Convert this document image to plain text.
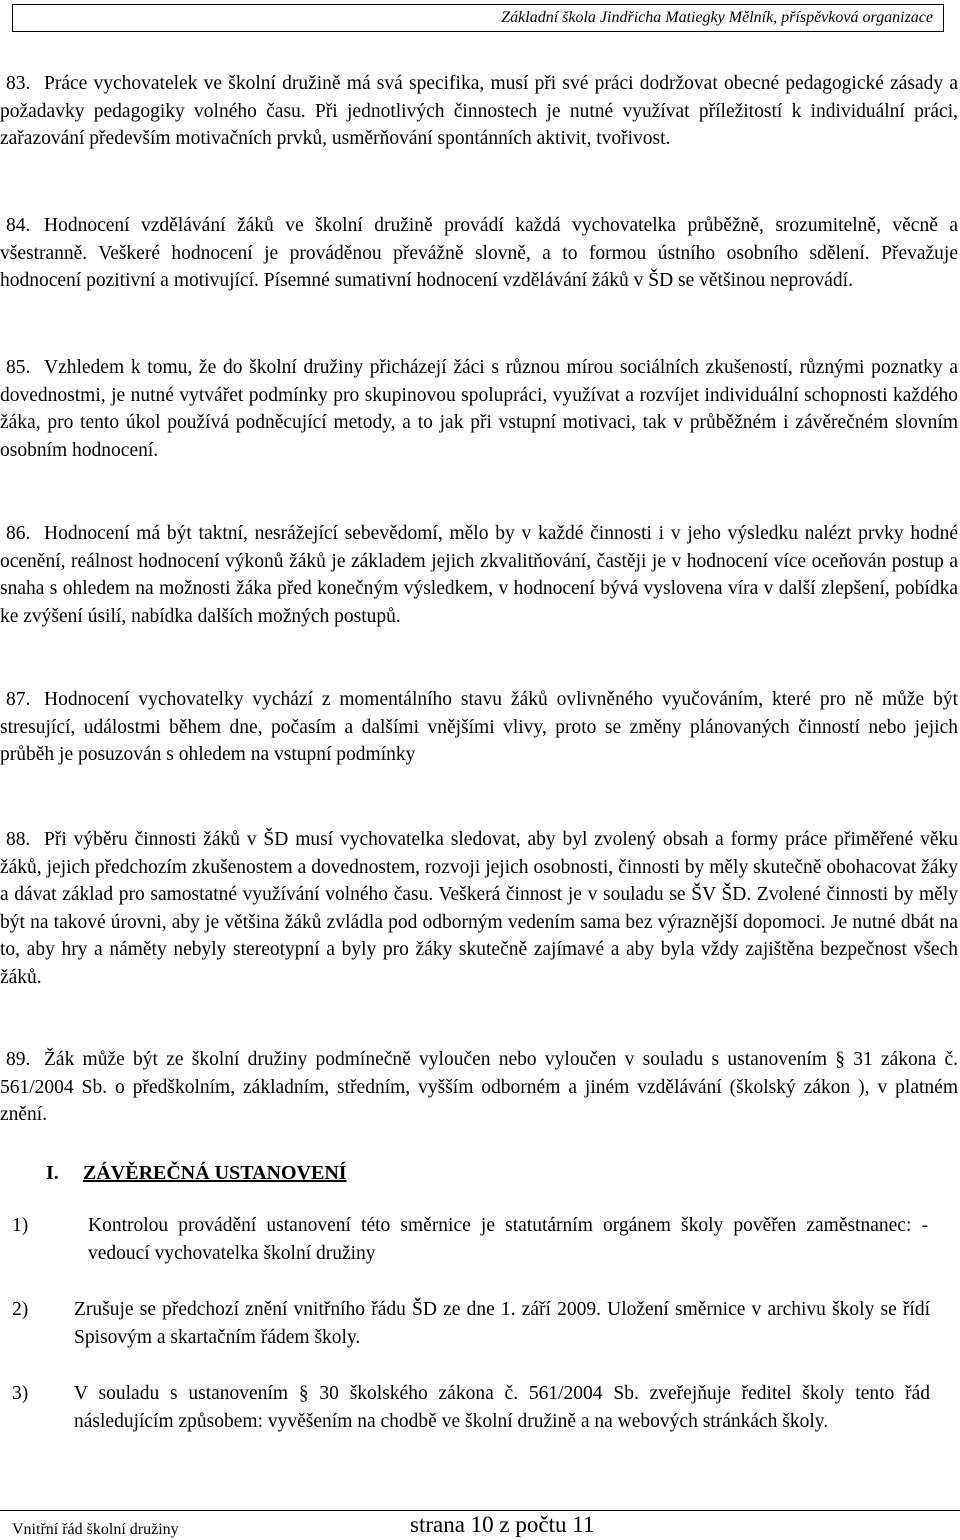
Základní škola Jindřicha Matiegky Mělník, příspěvková organizace
83. Práce vychovatelek ve školní družině má svá specifika, musí při své práci dodržovat obecné pedagogické zásady a požadavky pedagogiky volného času. Při jednotlivých činnostech je nutné využívat příležitostí k individuální práci, zařazování především motivačních prvků, usměrňování spontánních aktivit, tvořivost.
84. Hodnocení vzdělávání žáků ve školní družině provádí každá vychovatelka průběžně, srozumitelně, věcně a všestranně. Veškeré hodnocení je prováděnou převážně slovně, a to formou ústního osobního sdělení. Převažuje hodnocení pozitivní a motivující. Písemné sumativní hodnocení vzdělávání žáků v ŠD se většinou neprovádí.
85. Vzhledem k tomu, že do školní družiny přicházejí žáci s různou mírou sociálních zkušeností, různými poznatky a dovednostmi, je nutné vytvářet podmínky pro skupinovou spolupráci, využívat a rozvíjet individuální schopnosti každého žáka, pro tento úkol používá podněcující metody, a to jak při vstupní motivaci, tak v průběžném i závěrečném slovním osobním hodnocení.
86. Hodnocení má být taktní, nesrážející sebevědomí, mělo by v každé činnosti i v jeho výsledku nalézt prvky hodné ocenění, reálnost hodnocení výkonů žáků je základem jejich zkvalitňování, častěji je v hodnocení více oceňován postup a snaha s ohledem na možnosti žáka před konečným výsledkem, v hodnocení bývá vyslovena víra v další zlepšení, pobídka ke zvýšení úsilí, nabídka dalších možných postupů.
87. Hodnocení vychovatelky vychází z momentálního stavu žáků ovlivněného vyučováním, které pro ně může být stresující, událostmi během dne, počasím a dalšími vnějšími vlivy, proto se změny plánovaných činností nebo jejich průběh je posuzován s ohledem na vstupní podmínky
88. Při výběru činnosti žáků v ŠD musí vychovatelka sledovat, aby byl zvolený obsah a formy práce přiměřené věku žáků, jejich předchozím zkušenostem a dovednostem, rozvoji jejich osobnosti, činnosti by měly skutečně obohacovat žáky a dávat základ pro samostatné využívání volného času. Veškerá činnost je v souladu se ŠV ŠD. Zvolené činnosti by měly být na takové úrovni, aby je většina žáků zvládla pod odborným vedením sama bez výraznější dopomoci. Je nutné dbát na to, aby hry a náměty nebyly stereotypní a byly pro žáky skutečně zajímavé a aby byla vždy zajištěna bezpečnost všech žáků.
89. Žák může být ze školní družiny podmínečně vyloučen nebo vyloučen v souladu s ustanovením § 31 zákona č. 561/2004 Sb. o předškolním, základním, středním, vyšším odborném a jiném vzdělávání (školský zákon ), v platném znění.
I. ZÁVĚREČNÁ USTANOVENÍ
1)	Kontrolou provádění ustanovení této směrnice je statutárním orgánem školy pověřen zaměstnanec: - vedoucí vychovatelka školní družiny
2) Zrušuje se předchozí znění vnitřního řádu ŠD ze dne 1. září 2009. Uložení směrnice v archivu školy se řídí Spisovým a skartačním řádem školy.
3) V souladu s ustanovením § 30 školského zákona č. 561/2004 Sb. zveřejňuje ředitel školy tento řád následujícím způsobem: vyvěšením na chodbě ve školní družině a na webových stránkách školy.
Vnitřní řád školní družiny	strana 10 z počtu 11
